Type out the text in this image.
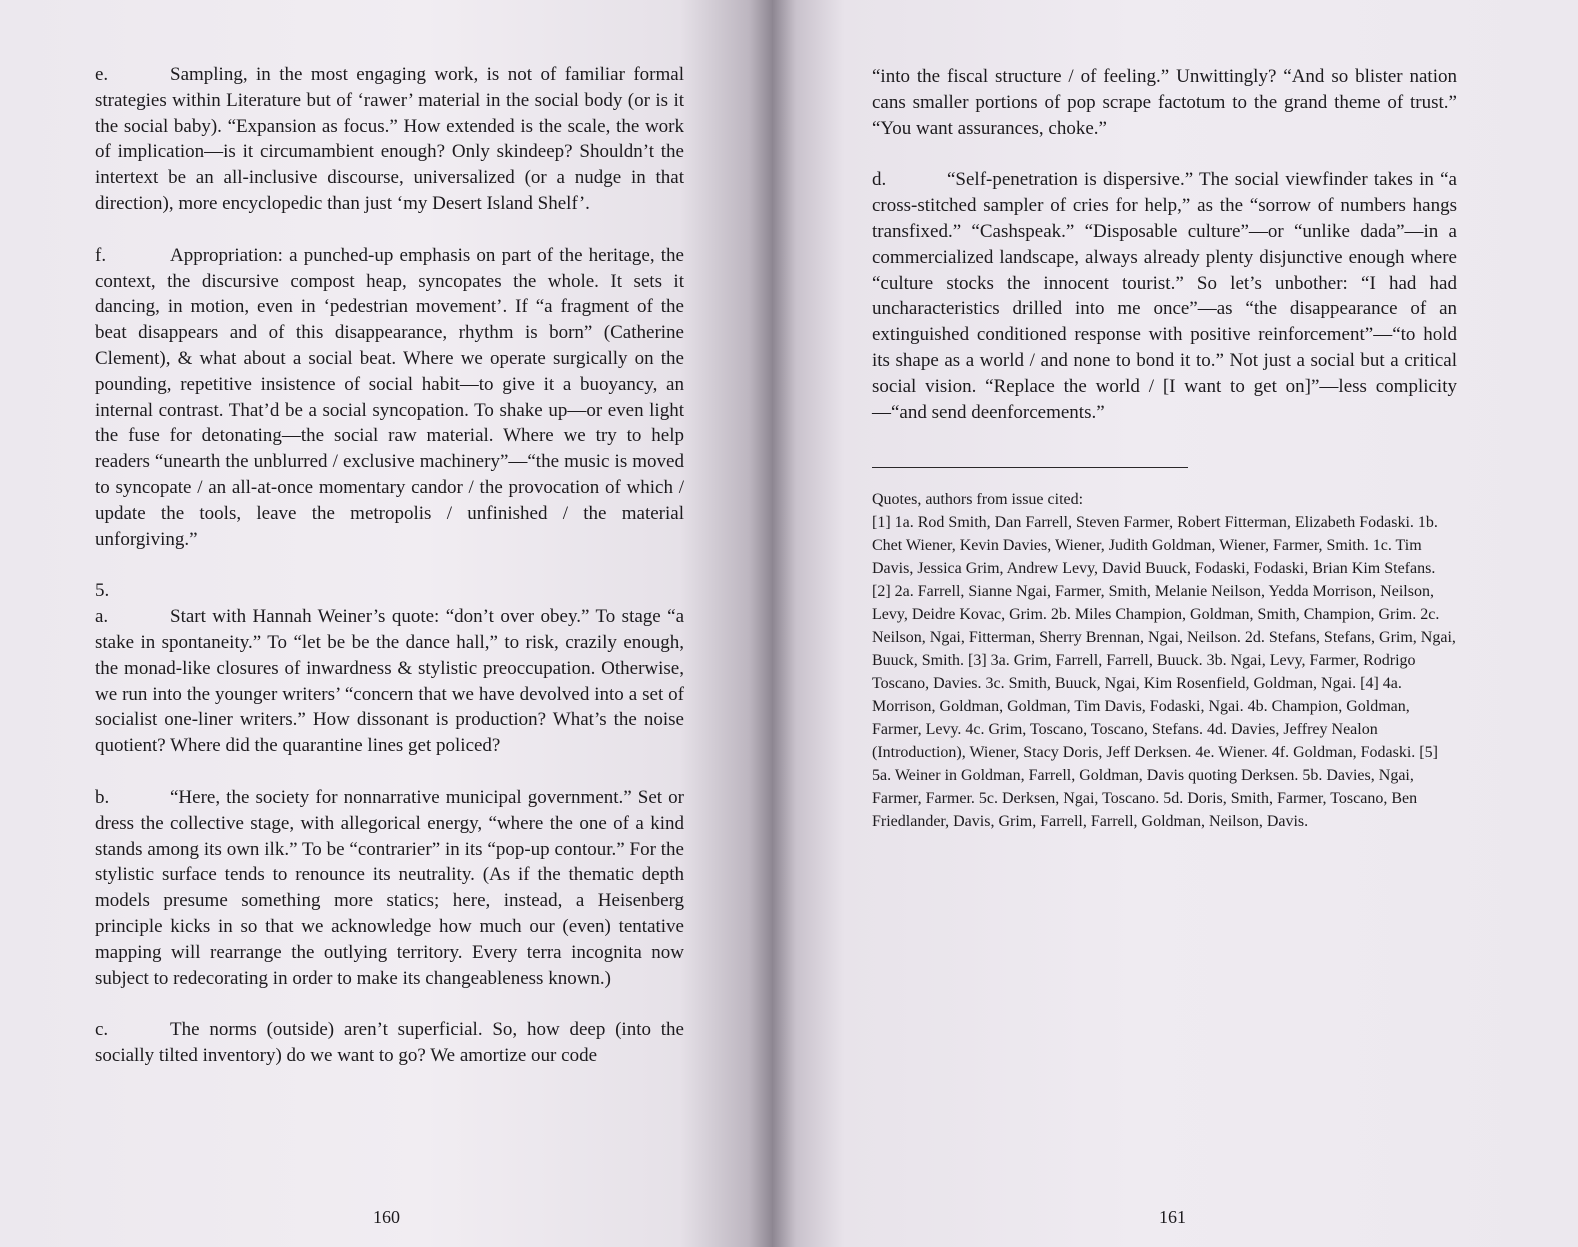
e.	Sampling, in the most engaging work, is not of familiar formal strategies within Literature but of ‘rawer’ material in the social body (or is it the social baby). “Expansion as focus.” How extended is the scale, the work of implication—is it circumambient enough? Only skindeep? Shouldn’t the intertext be an all-inclusive discourse, universalized (or a nudge in that direction), more encyclopedic than just ‘my Desert Island Shelf’.

f.	Appropriation: a punched-up emphasis on part of the heritage, the context, the discursive compost heap, syncopates the whole. It sets it dancing, in motion, even in ‘pedestrian movement’. If “a fragment of the beat disappears and of this disappearance, rhythm is born” (Catherine Clement), & what about a social beat. Where we operate surgically on the pounding, repetitive insistence of social habit—to give it a buoyancy, an internal contrast. That’d be a social syncopation. To shake up—or even light the fuse for detonating—the social raw material. Where we try to help readers “unearth the unblurred / exclusive machinery”—“the music is moved to syncopate / an all-at-once momentary candor / the provocation of which / update the tools, leave the metropolis / unfinished / the material unforgiving.”

5.

a.	Start with Hannah Weiner’s quote: “don’t over obey.” To stage “a stake in spontaneity.” To “let be be the dance hall,” to risk, crazily enough, the monad-like closures of inwardness & stylistic preoccupation. Otherwise, we run into the younger writers’ “concern that we have devolved into a set of socialist one-liner writers.” How dissonant is production? What’s the noise quotient? Where did the quarantine lines get policed?

b.	“Here, the society for nonnarrative municipal government.” Set or dress the collective stage, with allegorical energy, “where the one of a kind stands among its own ilk.” To be “contrarier” in its “pop-up contour.” For the stylistic surface tends to renounce its neutrality. (As if the thematic depth models presume something more statics; here, instead, a Heisenberg principle kicks in so that we acknowledge how much our (even) tentative mapping will rearrange the outlying territory. Every terra incognita now subject to redecorating in order to make its changeableness known.)

c.	The norms (outside) aren’t superficial. So, how deep (into the socially tilted inventory) do we want to go? We amortize our code

160

“into the fiscal structure / of feeling.” Unwittingly? “And so blister nation cans smaller portions of pop scrape factotum to the grand theme of trust.” “You want assurances, choke.”

d.	“Self-penetration is dispersive.” The social viewfinder takes in “a cross-stitched sampler of cries for help,” as the “sorrow of numbers hangs transfixed.” “Cashspeak.” “Disposable culture”—or “unlike dada”—in a commercialized landscape, always already plenty disjunctive enough where “culture stocks the innocent tourist.” So let’s unbother: “I had had uncharacteristics drilled into me once”—as “the disappearance of an extinguished conditioned response with positive reinforcement”—“to hold its shape as a world / and none to bond it to.” Not just a social but a critical social vision. “Replace the world / [I want to get on]”—less complicity—“and send deenforcements.”

Quotes, authors from issue cited:

[1] 1a. Rod Smith, Dan Farrell, Steven Farmer, Robert Fitterman, Elizabeth Fodaski. 1b. Chet Wiener, Kevin Davies, Wiener, Judith Goldman, Wiener, Farmer, Smith. 1c. Tim Davis, Jessica Grim, Andrew Levy, David Buuck, Fodaski, Fodaski, Brian Kim Stefans. [2] 2a. Farrell, Sianne Ngai, Farmer, Smith, Melanie Neilson, Yedda Morrison, Neilson, Levy, Deidre Kovac, Grim. 2b. Miles Champion, Goldman, Smith, Champion, Grim. 2c. Neilson, Ngai, Fitterman, Sherry Brennan, Ngai, Neilson. 2d. Stefans, Stefans, Grim, Ngai, Buuck, Smith. [3] 3a. Grim, Farrell, Farrell, Buuck. 3b. Ngai, Levy, Farmer, Rodrigo Toscano, Davies. 3c. Smith, Buuck, Ngai, Kim Rosenfield, Goldman, Ngai. [4] 4a. Morrison, Goldman, Goldman, Tim Davis, Fodaski, Ngai. 4b. Champion, Goldman, Farmer, Levy. 4c. Grim, Toscano, Toscano, Stefans. 4d. Davies, Jeffrey Nealon (Introduction), Wiener, Stacy Doris, Jeff Derksen. 4e. Wiener. 4f. Goldman, Fodaski. [5] 5a. Weiner in Goldman, Farrell, Goldman, Davis quoting Derksen. 5b. Davies, Ngai, Farmer, Farmer. 5c. Derksen, Ngai, Toscano. 5d. Doris, Smith, Farmer, Toscano, Ben Friedlander, Davis, Grim, Farrell, Farrell, Goldman, Neilson, Davis.

161
